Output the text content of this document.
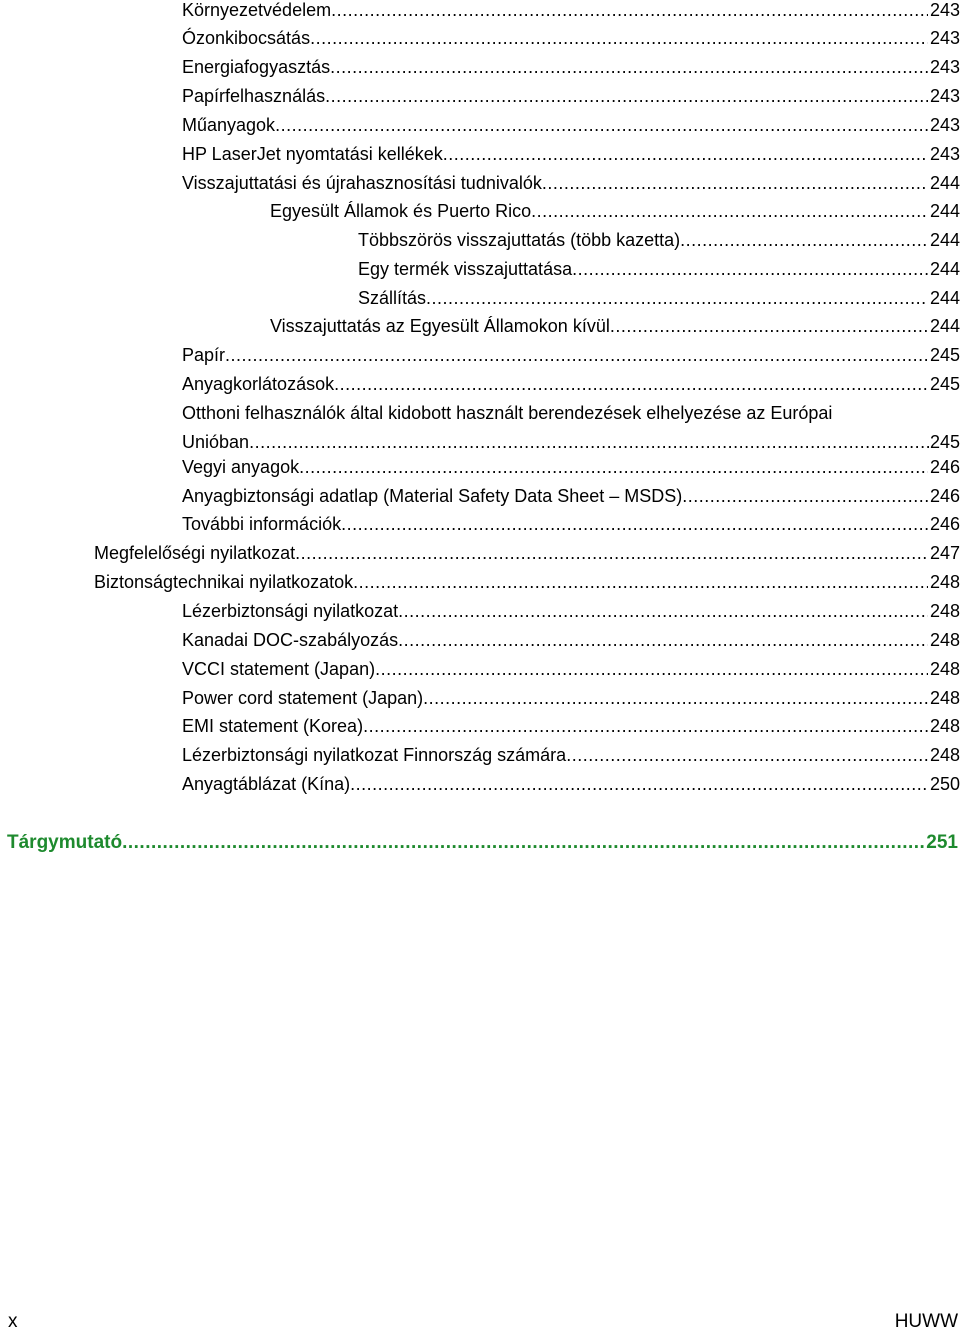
Környezetvédelem .....	243
Ózonkibocsátás .....	243
Energiafogyasztás .....	243
Papírfelhasználás .....	243
Műanyagok .....	243
HP LaserJet nyomtatási kellékek .....	243
Visszajuttatási és újrahasznosítási tudnivalók .....	244
Egyesült Államok és Puerto Rico .....	244
Többszörös visszajuttatás (több kazetta) .....	244
Egy termék visszajuttatása .....	244
Szállítás .....	244
Visszajuttatás az Egyesült Államokon kívül .....	244
Papír .....	245
Anyagkorlátozások .....	245
Otthoni felhasználók által kidobott használt berendezések elhelyezése az Európai
Unióban .....	245
Vegyi anyagok .....	246
Anyagbiztonsági adatlap (Material Safety Data Sheet – MSDS) .....	246
További információk .....	246
Megfelelőségi nyilatkozat .....	247
Biztonságtechnikai nyilatkozatok .....	248
Lézerbiztonsági nyilatkozat .....	248
Kanadai DOC-szabályozás .....	248
VCCI statement (Japan) .....	248
Power cord statement (Japan) .....	248
EMI statement (Korea) .....	248
Lézerbiztonsági nyilatkozat Finnország számára .....	248
Anyagtáblázat (Kína) .....	250
Tárgymutató .....	251
x	HUWW
